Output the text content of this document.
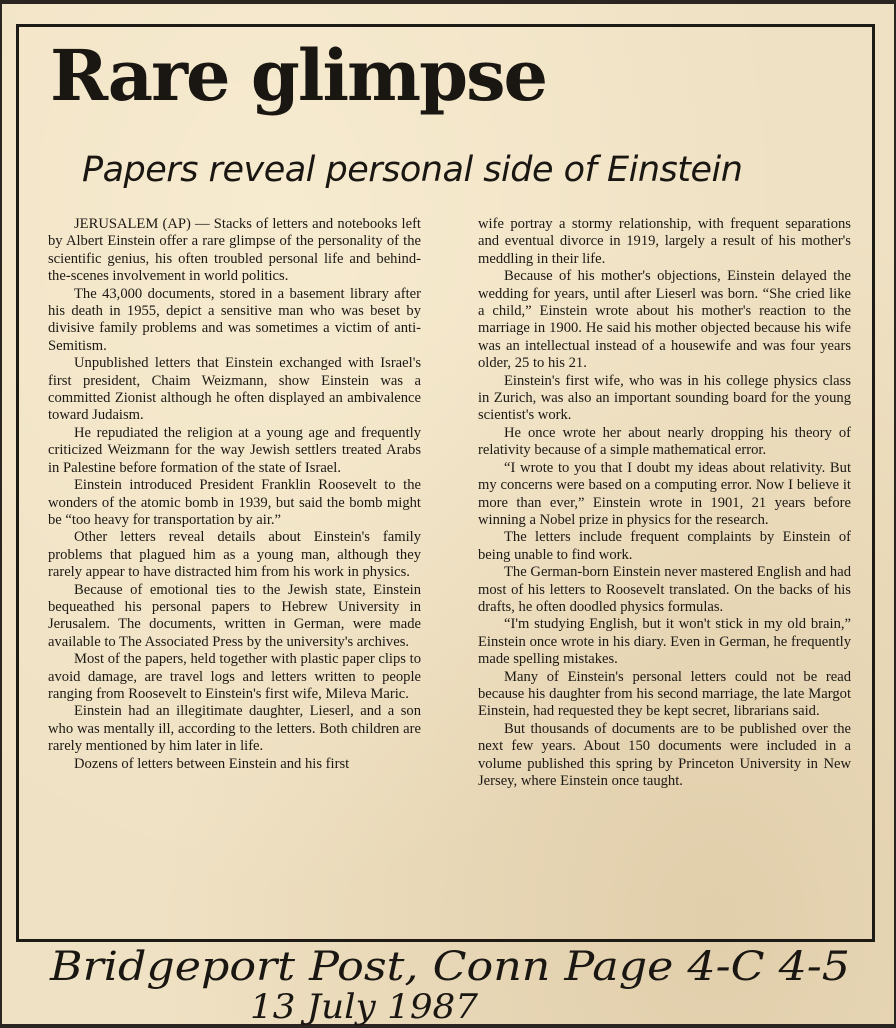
Rare glimpse
Papers reveal personal side of Einstein

JERUSALEM (AP) — Stacks of letters and notebooks left by Albert Einstein offer a rare glimpse of the personality of the scientific genius, his often troubled personal life and behind-the-scenes involvement in world politics.

The 43,000 documents, stored in a basement library after his death in 1955, depict a sensitive man who was beset by divisive family problems and was sometimes a victim of anti-Semitism.

Unpublished letters that Einstein exchanged with Israel's first president, Chaim Weizmann, show Einstein was a committed Zionist although he often displayed an ambivalence toward Judaism.

He repudiated the religion at a young age and frequently criticized Weizmann for the way Jewish settlers treated Arabs in Palestine before formation of the state of Israel.

Einstein introduced President Franklin Roosevelt to the wonders of the atomic bomb in 1939, but said the bomb might be “too heavy for transportation by air.”

Other letters reveal details about Einstein's family problems that plagued him as a young man, although they rarely appear to have distracted him from his work in physics.

Because of emotional ties to the Jewish state, Einstein bequeathed his personal papers to Hebrew University in Jerusalem. The documents, written in German, were made available to The Associated Press by the university's archives.

Most of the papers, held together with plastic paper clips to avoid damage, are travel logs and letters written to people ranging from Roosevelt to Einstein's first wife, Mileva Maric.

Einstein had an illegitimate daughter, Lieserl, and a son who was mentally ill, according to the letters. Both children are rarely mentioned by him later in life.

Dozens of letters between Einstein and his first

wife portray a stormy relationship, with frequent separations and eventual divorce in 1919, largely a result of his mother's meddling in their life.

Because of his mother's objections, Einstein delayed the wedding for years, until after Lieserl was born. “She cried like a child,” Einstein wrote about his mother's reaction to the marriage in 1900. He said his mother objected because his wife was an intellectual instead of a housewife and was four years older, 25 to his 21.

Einstein's first wife, who was in his college physics class in Zurich, was also an important sounding board for the young scientist's work.

He once wrote her about nearly dropping his theory of relativity because of a simple mathematical error.

“I wrote to you that I doubt my ideas about relativity. But my concerns were based on a computing error. Now I believe it more than ever,” Einstein wrote in 1901, 21 years before winning a Nobel prize in physics for the research.

The letters include frequent complaints by Einstein of being unable to find work.

The German-born Einstein never mastered English and had most of his letters to Roosevelt translated. On the backs of his drafts, he often doodled physics formulas.

“I'm studying English, but it won't stick in my old brain,” Einstein once wrote in his diary. Even in German, he frequently made spelling mistakes.

Many of Einstein's personal letters could not be read because his daughter from his second marriage, the late Margot Einstein, had requested they be kept secret, librarians said.

But thousands of documents are to be published over the next few years. About 150 documents were included in a volume published this spring by Princeton University in New Jersey, where Einstein once taught.

Bridgeport Post, Conn Page 4-C 4-5
13 July 1987
